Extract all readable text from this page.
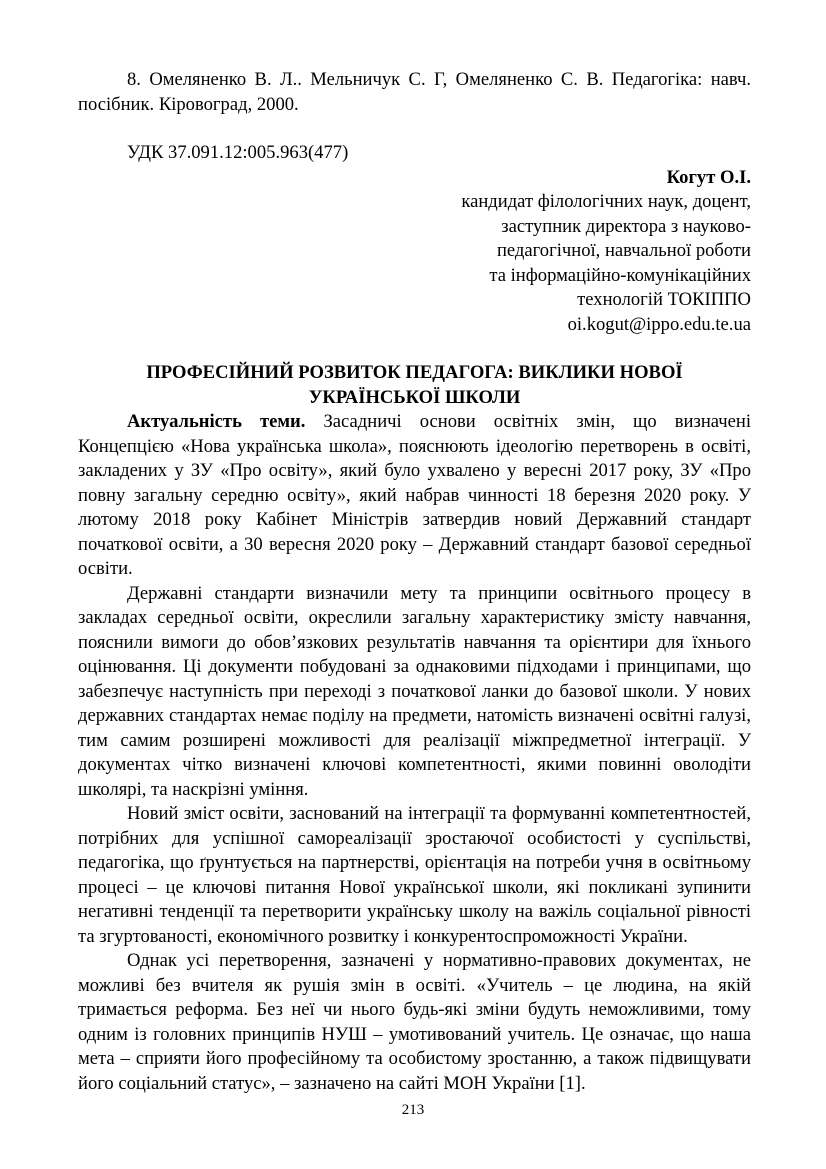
8. Омеляненко В. Л.. Мельничук С. Г, Омеляненко С. В. Педагогіка: навч. посібник. Кіровоград, 2000.

УДК 37.091.12:005.963(477)

Когут О.І.
кандидат філологічних наук, доцент,
заступник директора з науково-
педагогічної, навчальної роботи
та інформаційно-комунікаційних
технологій ТОКІППО
oi.kogut@ippo.edu.te.ua
ПРОФЕСІЙНИЙ РОЗВИТОК ПЕДАГОГА: ВИКЛИКИ НОВОЇ
УКРАЇНСЬКОЇ ШКОЛИ

Актуальність теми. Засадничі основи освітніх змін, що визначені Концепцією «Нова українська школа», пояснюють ідеологію перетворень в освіті, закладених у ЗУ «Про освіту», який було ухвалено у вересні 2017 року, ЗУ «Про повну загальну середню освіту», який набрав чинності 18 березня 2020 року. У лютому 2018 року Кабінет Міністрів затвердив новий Державний стандарт початкової освіти, а 30 вересня 2020 року – Державний стандарт базової середньої освіти.

Державні стандарти визначили мету та принципи освітнього процесу в закладах середньої освіти, окреслили загальну характеристику змісту навчання, пояснили вимоги до обов’язкових результатів навчання та орієнтири для їхнього оцінювання. Ці документи побудовані за однаковими підходами і принципами, що забезпечує наступність при переході з початкової ланки до базової школи. У нових державних стандартах немає поділу на предмети, натомість визначені освітні галузі, тим самим розширені можливості для реалізації міжпредметної інтеграції. У документах чітко визначені ключові компетентності, якими повинні оволодіти школярі, та наскрізні уміння.

Новий зміст освіти, заснований на інтеграції та формуванні компетентностей, потрібних для успішної самореалізації зростаючої особистості у суспільстві, педагогіка, що ґрунтується на партнерстві, орієнтація на потреби учня в освітньому процесі – це ключові питання Нової української школи, які покликані зупинити негативні тенденції та перетворити українську школу на важіль соціальної рівності та згуртованості, економічного розвитку і конкурентоспроможності України.

Однак усі перетворення, зазначені у нормативно-правових документах, не можливі без вчителя як рушія змін в освіті. «Учитель – це людина, на якій тримається реформа. Без неї чи нього будь-які зміни будуть неможливими, тому одним із головних принципів НУШ – умотивований учитель. Це означає, що наша мета – сприяти його професійному та особистому зростанню, а також підвищувати його соціальний статус», – зазначено на сайті МОН України [1].

213
